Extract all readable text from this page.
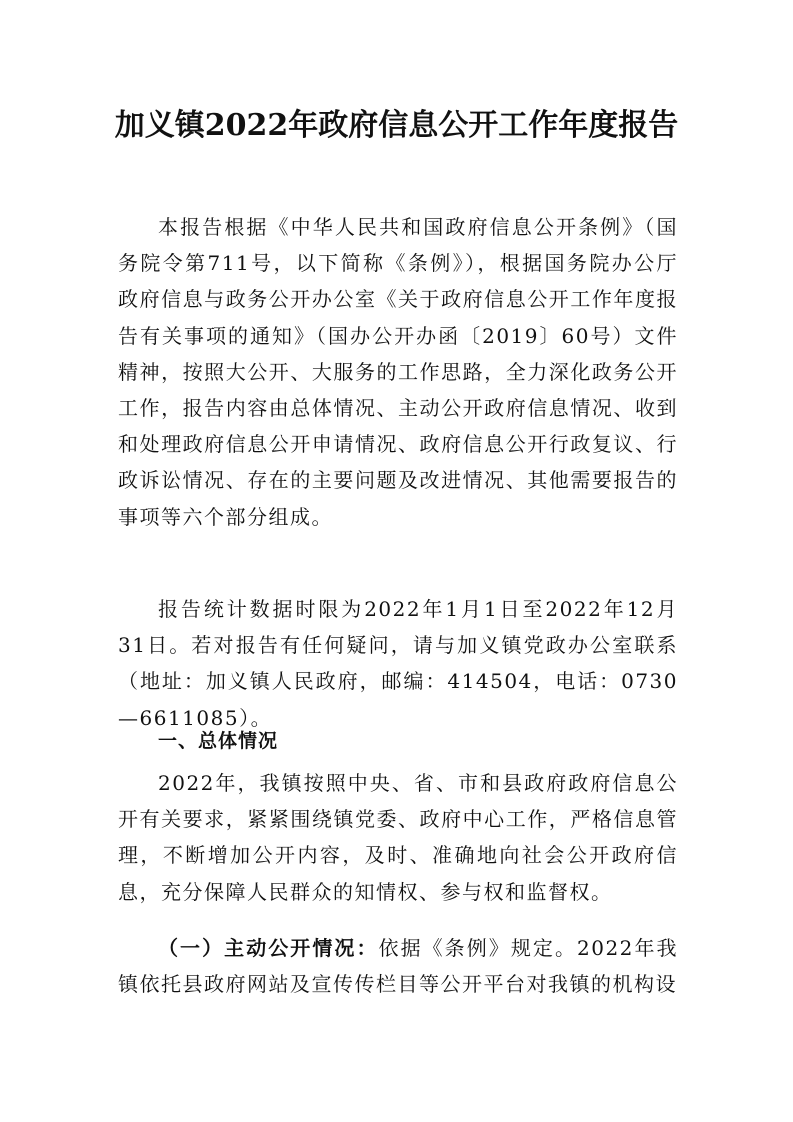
加义镇2022年政府信息公开工作年度报告

本报告根据《中华人民共和国政府信息公开条例》（国务院令第711号，以下简称《条例》），根据国务院办公厅政府信息与政务公开办公室《关于政府信息公开工作年度报告有关事项的通知》（国办公开办函〔2019〕60号）文件精神，按照大公开、大服务的工作思路，全力深化政务公开工作，报告内容由总体情况、主动公开政府信息情况、收到和处理政府信息公开申请情况、政府信息公开行政复议、行政诉讼情况、存在的主要问题及改进情况、其他需要报告的事项等六个部分组成。

报告统计数据时限为2022年1月1日至2022年12月31日。若对报告有任何疑问，请与加义镇党政办公室联系（地址：加义镇人民政府，邮编：414504，电话：0730—6611085）。

一、总体情况

2022年，我镇按照中央、省、市和县政府政府信息公开有关要求，紧紧围绕镇党委、政府中心工作，严格信息管理，不断增加公开内容，及时、准确地向社会公开政府信息，充分保障人民群众的知情权、参与权和监督权。

（一）主动公开情况：依据《条例》规定。2022年我镇依托县政府网站及宣传传栏目等公开平台对我镇的机构设
